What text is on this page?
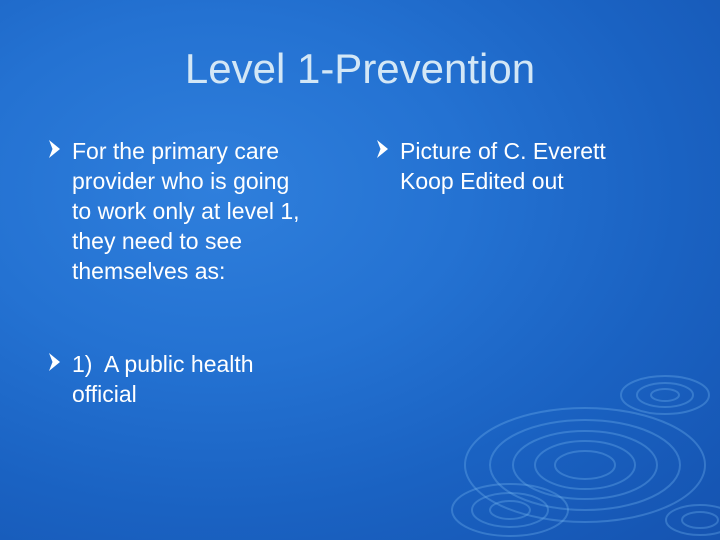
Level 1-Prevention
For the primary care
provider who is going
to work only at level 1,
they need to see
themselves as:
1)  A public health
official
Picture of C. Everett
Koop Edited out
